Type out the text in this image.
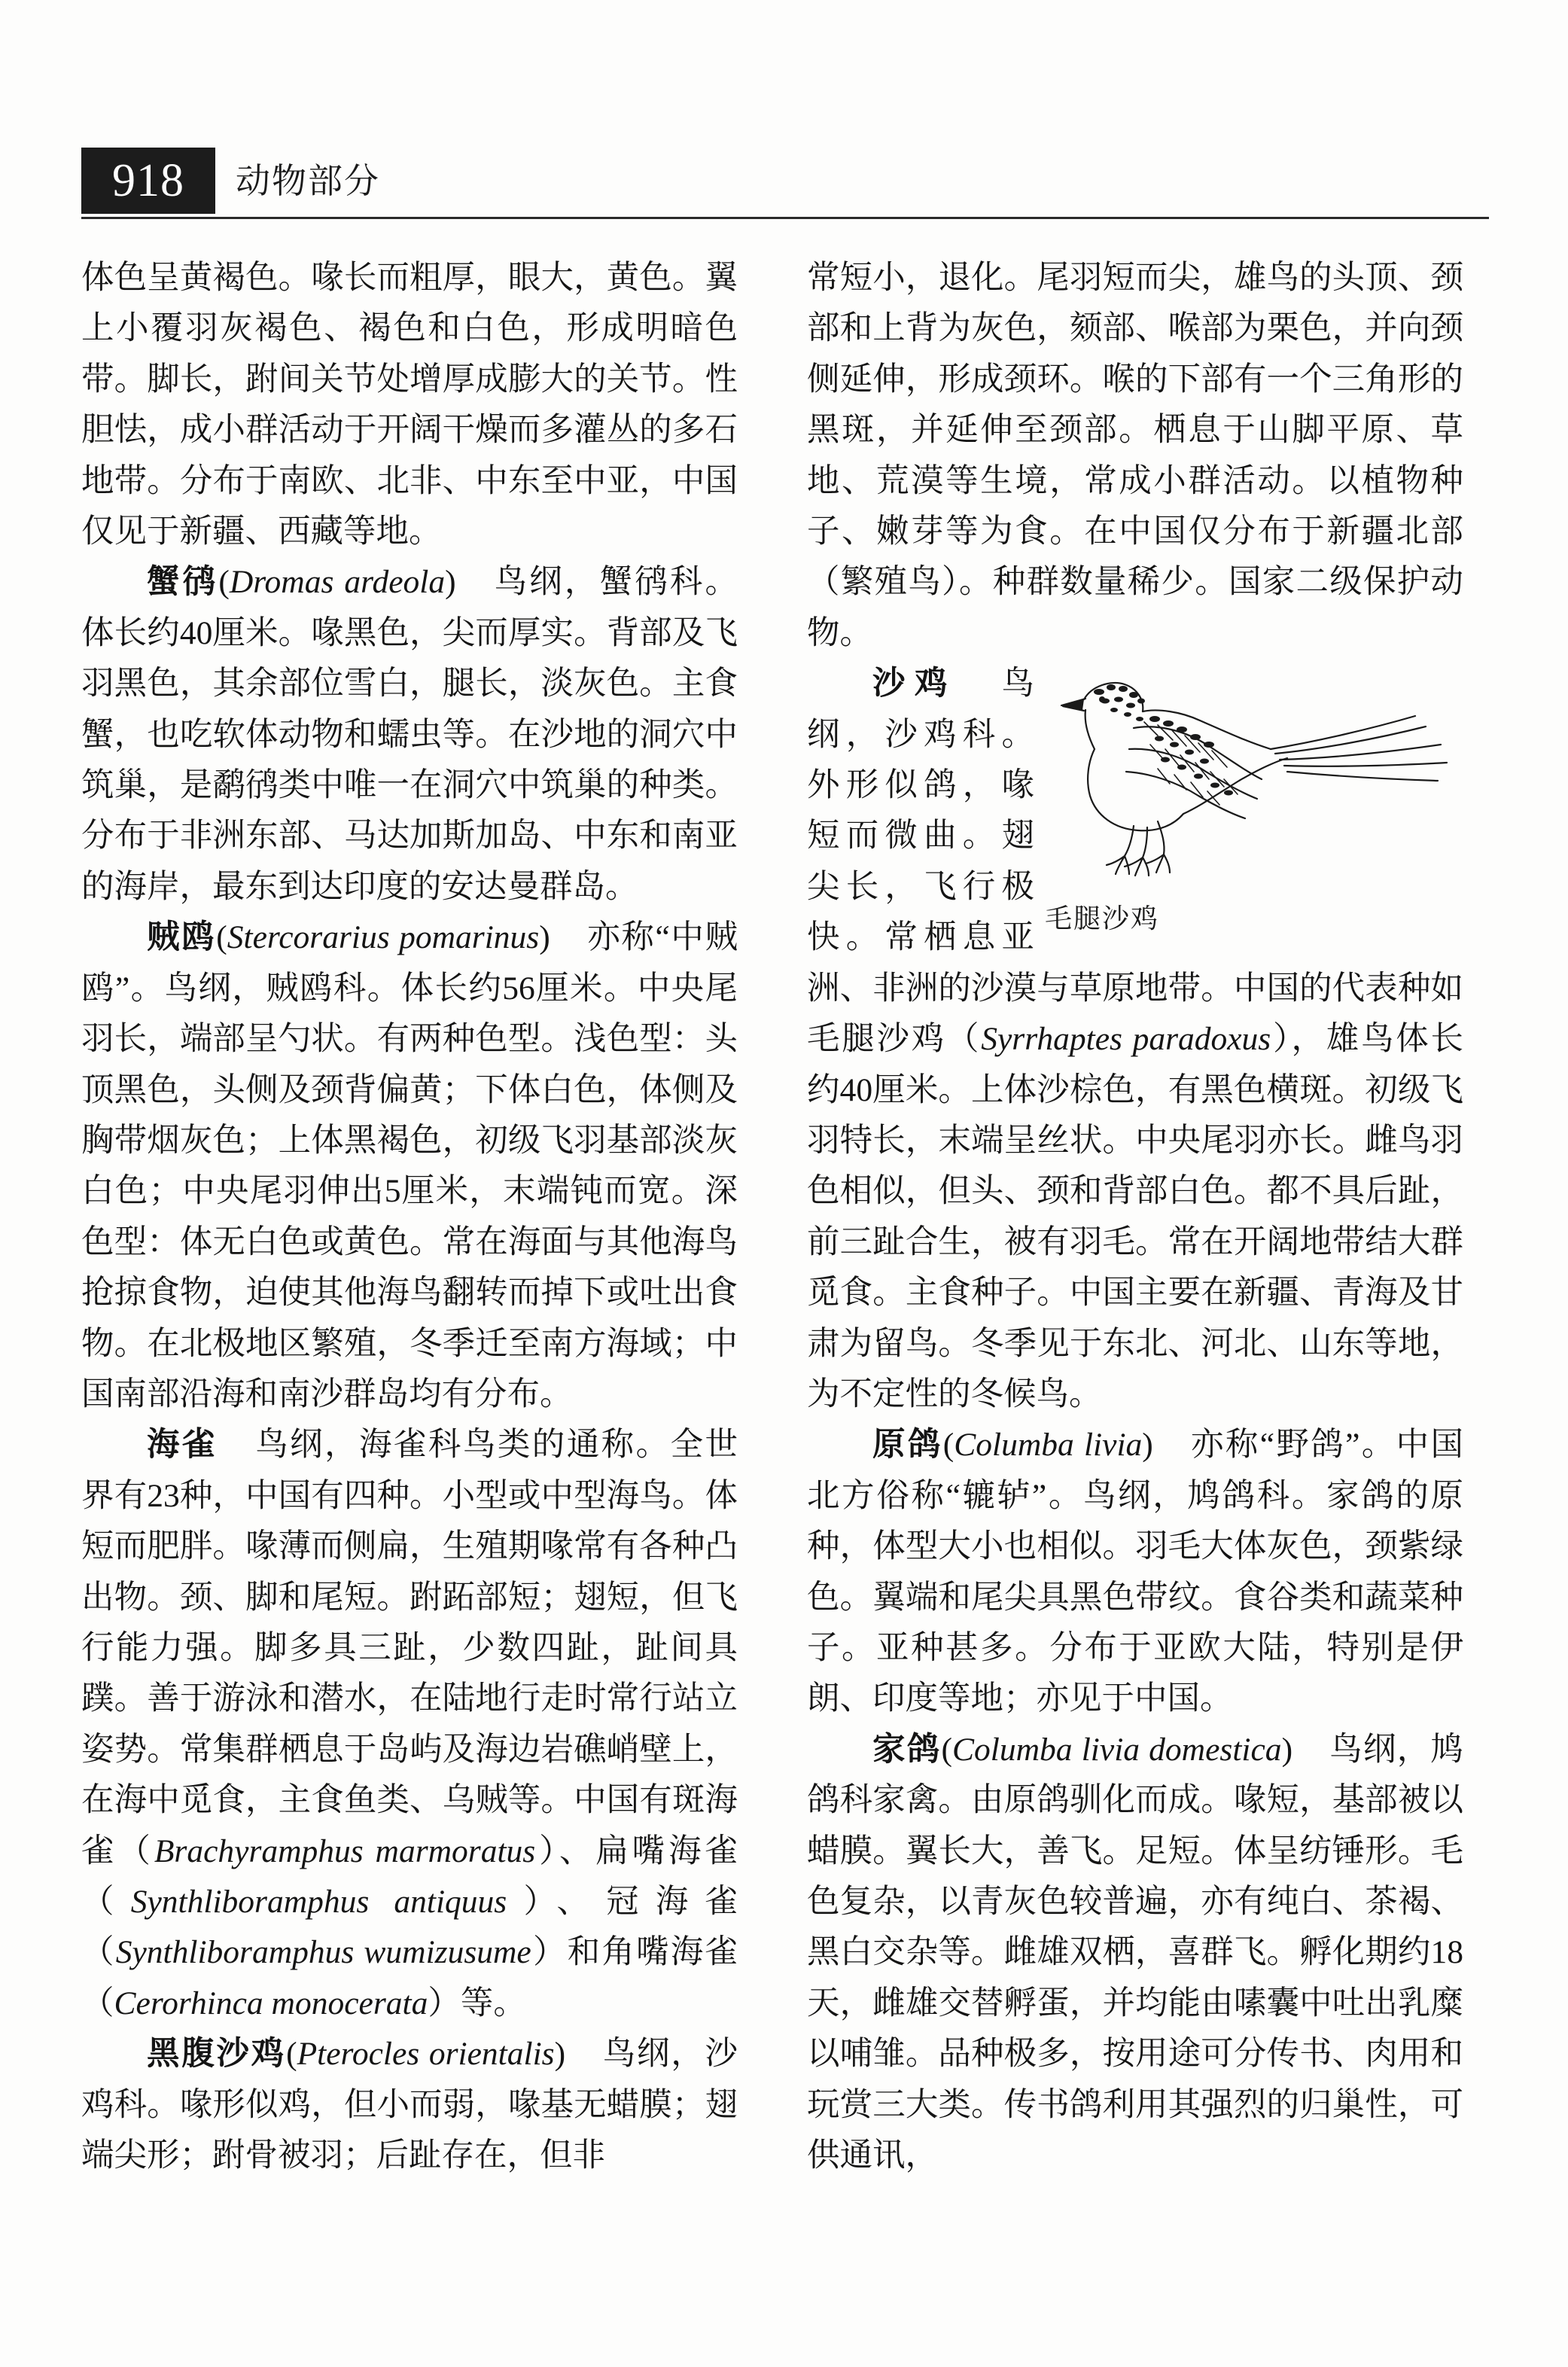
918	动物部分

体色呈黄褐色。喙长而粗厚，眼大，黄色。翼上小覆羽灰褐色、褐色和白色，形成明暗色带。脚长，跗间关节处增厚成膨大的关节。性胆怯，成小群活动于开阔干燥而多灌丛的多石地带。分布于南欧、北非、中东至中亚，中国仅见于新疆、西藏等地。

蟹鸻(Dromas ardeola) 鸟纲，蟹鸻科。体长约40厘米。喙黑色，尖而厚实。背部及飞羽黑色，其余部位雪白，腿长，淡灰色。主食蟹，也吃软体动物和蠕虫等。在沙地的洞穴中筑巢，是鹬鸻类中唯一在洞穴中筑巢的种类。分布于非洲东部、马达加斯加岛、中东和南亚的海岸，最东到达印度的安达曼群岛。

贼鸥(Stercorarius pomarinus) 亦称“中贼鸥”。鸟纲，贼鸥科。体长约56厘米。中央尾羽长，端部呈勺状。有两种色型。浅色型：头顶黑色，头侧及颈背偏黄；下体白色，体侧及胸带烟灰色；上体黑褐色，初级飞羽基部淡灰白色；中央尾羽伸出5厘米，末端钝而宽。深色型：体无白色或黄色。常在海面与其他海鸟抢掠食物，迫使其他海鸟翻转而掉下或吐出食物。在北极地区繁殖，冬季迁至南方海域；中国南部沿海和南沙群岛均有分布。

海雀 鸟纲，海雀科鸟类的通称。全世界有23种，中国有四种。小型或中型海鸟。体短而肥胖。喙薄而侧扁，生殖期喙常有各种凸出物。颈、脚和尾短。跗跖部短；翅短，但飞行能力强。脚多具三趾，少数四趾，趾间具蹼。善于游泳和潜水，在陆地行走时常行站立姿势。常集群栖息于岛屿及海边岩礁峭壁上，在海中觅食，主食鱼类、乌贼等。中国有斑海雀（Brachyramphus marmoratus）、扁嘴海雀（Synthliboramphus antiquus）、冠海雀（Synthliboramphus wumizusume）和角嘴海雀（Cerorhinca monocerata）等。

黑腹沙鸡(Pterocles orientalis) 鸟纲，沙鸡科。喙形似鸡，但小而弱，喙基无蜡膜；翅端尖形；跗骨被羽；后趾存在，但非

常短小，退化。尾羽短而尖，雄鸟的头顶、颈部和上背为灰色，颏部、喉部为栗色，并向颈侧延伸，形成颈环。喉的下部有一个三角形的黑斑，并延伸至颈部。栖息于山脚平原、草地、荒漠等生境，常成小群活动。以植物种子、嫩芽等为食。在中国仅分布于新疆北部（繁殖鸟）。种群数量稀少。国家二级保护动物。

毛腿沙鸡
沙鸡 鸟纲，沙鸡科。外形似鸽，喙短而微曲。翅尖长，飞行极快。常栖息亚洲、非洲的沙漠与草原地带。中国的代表种如毛腿沙鸡（Syrrhaptes paradoxus），雄鸟体长约40厘米。上体沙棕色，有黑色横斑。初级飞羽特长，末端呈丝状。中央尾羽亦长。雌鸟羽色相似，但头、颈和背部白色。都不具后趾，前三趾合生，被有羽毛。常在开阔地带结大群觅食。主食种子。中国主要在新疆、青海及甘肃为留鸟。冬季见于东北、河北、山东等地，为不定性的冬候鸟。

原鸽(Columba livia) 亦称“野鸽”。中国北方俗称“辘轳”。鸟纲，鸠鸽科。家鸽的原种，体型大小也相似。羽毛大体灰色，颈紫绿色。翼端和尾尖具黑色带纹。食谷类和蔬菜种子。亚种甚多。分布于亚欧大陆，特别是伊朗、印度等地；亦见于中国。

家鸽(Columba livia domestica) 鸟纲，鸠鸽科家禽。由原鸽驯化而成。喙短，基部被以蜡膜。翼长大，善飞。足短。体呈纺锤形。毛色复杂，以青灰色较普遍，亦有纯白、茶褐、黑白交杂等。雌雄双栖，喜群飞。孵化期约18天，雌雄交替孵蛋，并均能由嗉囊中吐出乳糜以哺雏。品种极多，按用途可分传书、肉用和玩赏三大类。传书鸽利用其强烈的归巢性，可供通讯，
